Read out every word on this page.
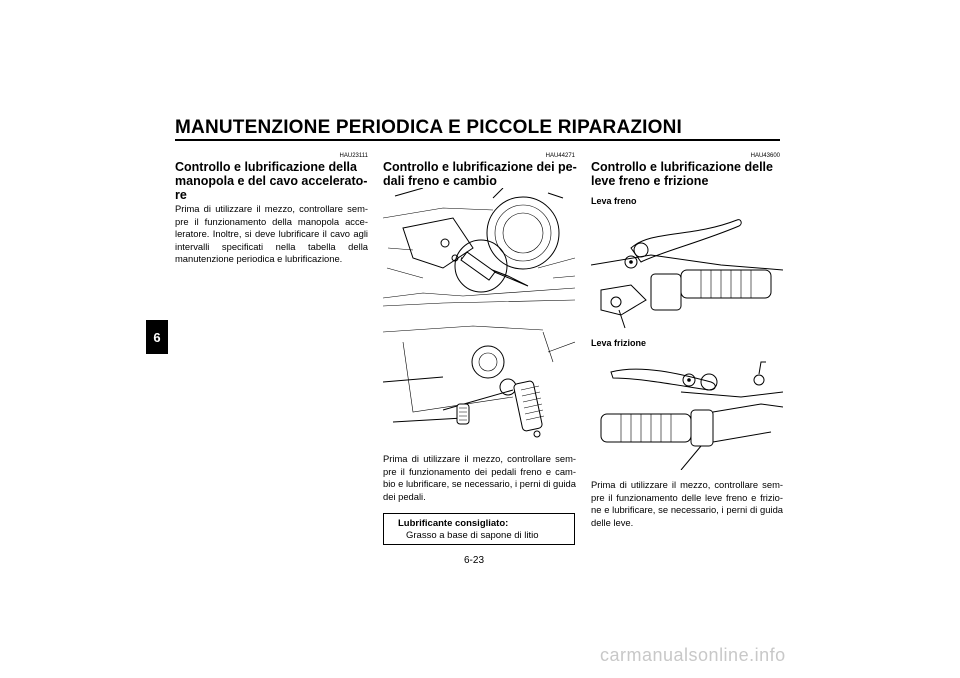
MANUTENZIONE PERIODICA E PICCOLE RIPARAZIONI
6
HAU23111
Controllo e lubrificazione della manopola e del cavo accelerato-re
Prima di utilizzare il mezzo, controllare sem-pre il funzionamento della manopola acce-leratore. Inoltre, si deve lubrificare il cavo agli intervalli specificati nella tabella della manutenzione periodica e lubrificazione.
HAU44271
Controllo e lubrificazione dei pe-dali freno e cambio
Prima di utilizzare il mezzo, controllare sem-pre il funzionamento dei pedali freno e cam-bio e lubrificare, se necessario, i perni di guida dei pedali.
Lubrificante consigliato:
Grasso a base di sapone di litio
HAU43600
Controllo e lubrificazione delle leve freno e frizione
Leva freno
Leva frizione
Prima di utilizzare il mezzo, controllare sem-pre il funzionamento delle leve freno e frizio-ne e lubrificare, se necessario, i perni di guida delle leve.
6-23
carmanualsonline.info
